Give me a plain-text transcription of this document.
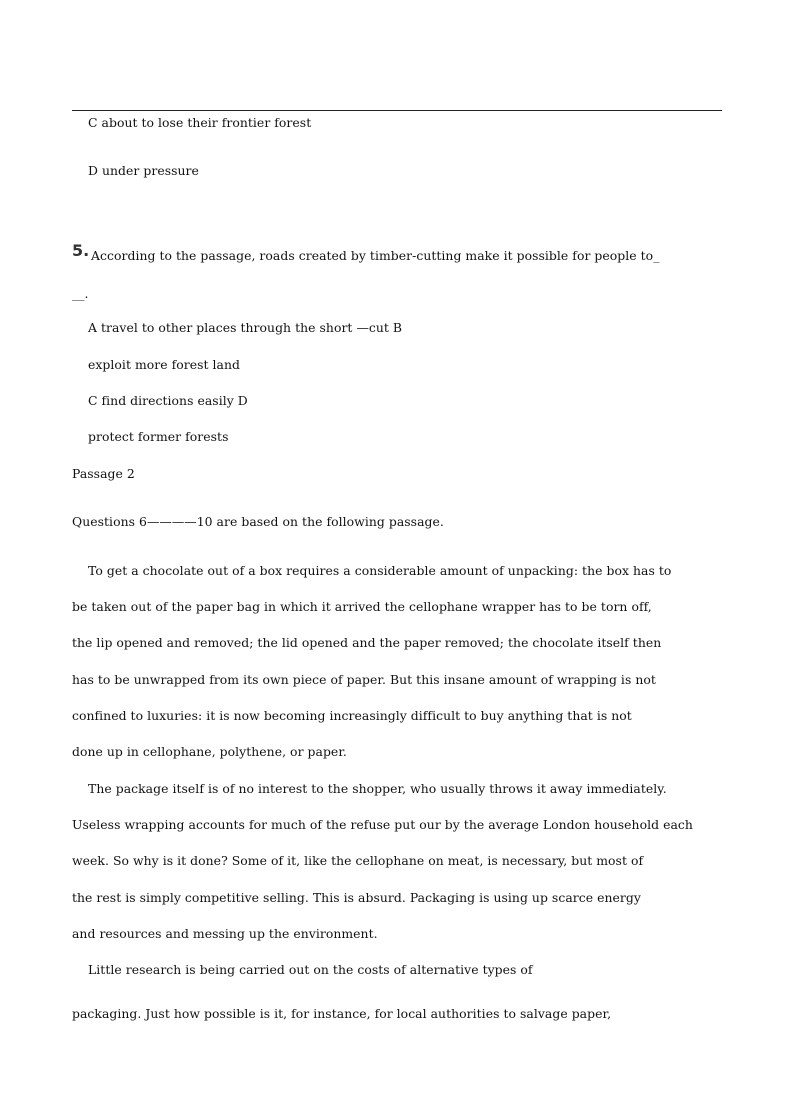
C about to lose their frontier forest
D under pressure
5. According to the passage, roads created by timber-cutting make it possible for people to_
__.
A travel to other places through the short —cut B
exploit more forest land
C find directions easily D
protect former forests
Passage 2
Questions 6————10 are based on the following passage.
To get a chocolate out of a box requires a considerable amount of unpacking: the box has to
be taken out of the paper bag in which it arrived the cellophane wrapper has to be torn off,
the lip opened and removed; the lid opened and the paper removed; the chocolate itself then
has to be unwrapped from its own piece of paper. But this insane amount of wrapping is not
confined to luxuries: it is now becoming increasingly difficult to buy anything that is not
done up in cellophane, polythene, or paper.
The package itself is of no interest to the shopper, who usually throws it away immediately.
Useless wrapping accounts for much of the refuse put our by the average London household each
week. So why is it done? Some of it, like the cellophane on meat, is necessary, but most of
the rest is simply competitive selling. This is absurd. Packaging is using up scarce energy
and resources and messing up the environment.
Little research is being carried out on the costs of alternative types of
packaging. Just how possible is it, for instance, for local authorities to salvage paper,
